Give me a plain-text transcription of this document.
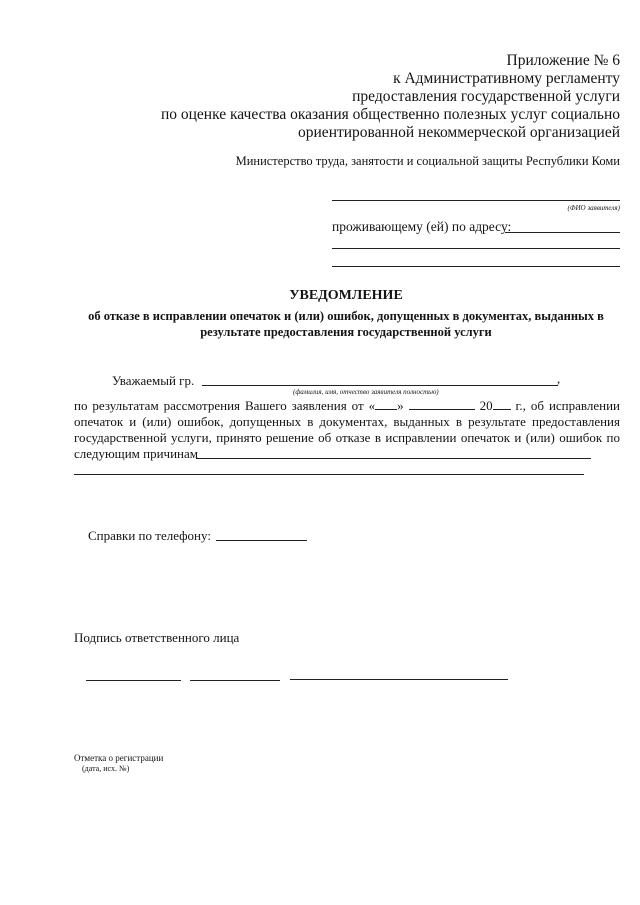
Приложение № 6
к Административному регламенту
предоставления государственной услуги
по оценке качества оказания общественно полезных услуг социально
ориентированной некоммерческой организацией
Министерство труда, занятости и социальной защиты Республики Коми
(ФИО заявителя)
проживающему (ей) по адресу:
УВЕДОМЛЕНИЕ
об отказе в исправлении опечаток и (или) ошибок, допущенных в документах, выданных в
результате предоставления государственной услуги
Уважаемый гр.	,
(фамилия, имя, отчество заявителя полностью)
по результатам рассмотрения Вашего заявления от « »	20 г., об исправлении
опечаток и (или) ошибок, допущенных в документах, выданных в результате предоставления
государственной услуги, принято решение об отказе в исправлении опечаток и (или) ошибок по
следующим причинам
Справки по телефону:
Подпись ответственного лица
Отметка о регистрации
(дата, исх. №)
